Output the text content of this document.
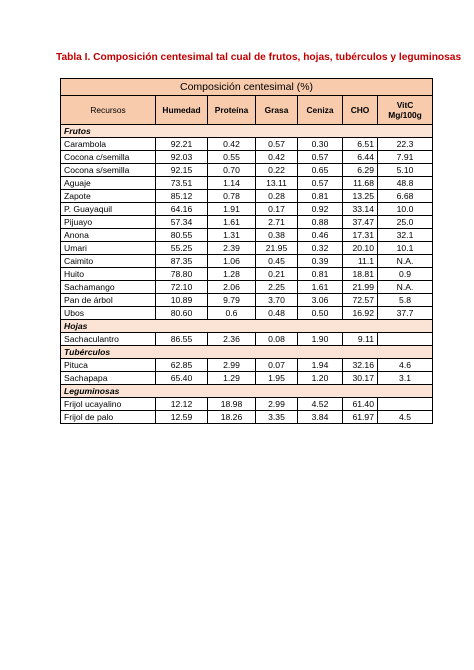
Tabla I. Composición centesimal tal cual de frutos, hojas, tubérculos y leguminosas
Composición centesimal (%)						
Recursos	Humedad	Proteína	Grasa	Ceniza	CHO	VitC
Mg/100g
Frutos						
Carambola	92.21	0.42	0.57	0.30	6.51	22.3
Cocona c/semilla	92.03	0.55	0.42	0.57	6.44	7.91
Cocona s/semilla	92.15	0.70	0.22	0.65	6.29	5.10
Aguaje	73.51	1.14	13.11	0.57	11.68	48.8
Zapote	85.12	0.78	0.28	0.81	13.25	6.68
P. Guayaquil	64.16	1.91	0.17	0.92	33.14	10.0
Pijuayo	57.34	1.61	2.71	0.88	37.47	25.0
Anona	80.55	1.31	0.38	0.46	17.31	32.1
Umari	55.25	2.39	21.95	0.32	20.10	10.1
Caimito	87.35	1.06	0.45	0.39	11.1	N.A.
Huito	78.80	1.28	0.21	0.81	18.81	0.9
Sachamango	72.10	2.06	2.25	1.61	21.99	N.A.
Pan de árbol	10.89	9.79	3.70	3.06	72.57	5.8
Ubos	80.60	0.6	0.48	0.50	16.92	37.7
Hojas						
Sachaculantro	86.55	2.36	0.08	1.90	9.11	
Tubérculos						
Pituca	62.85	2.99	0.07	1.94	32.16	4.6
Sachapapa	65.40	1.29	1.95	1.20	30.17	3.1
Leguminosas						
Frijol ucayalino	12.12	18.98	2.99	4.52	61.40	
Frijol de palo	12.59	18.26	3.35	3.84	61.97	4.5
